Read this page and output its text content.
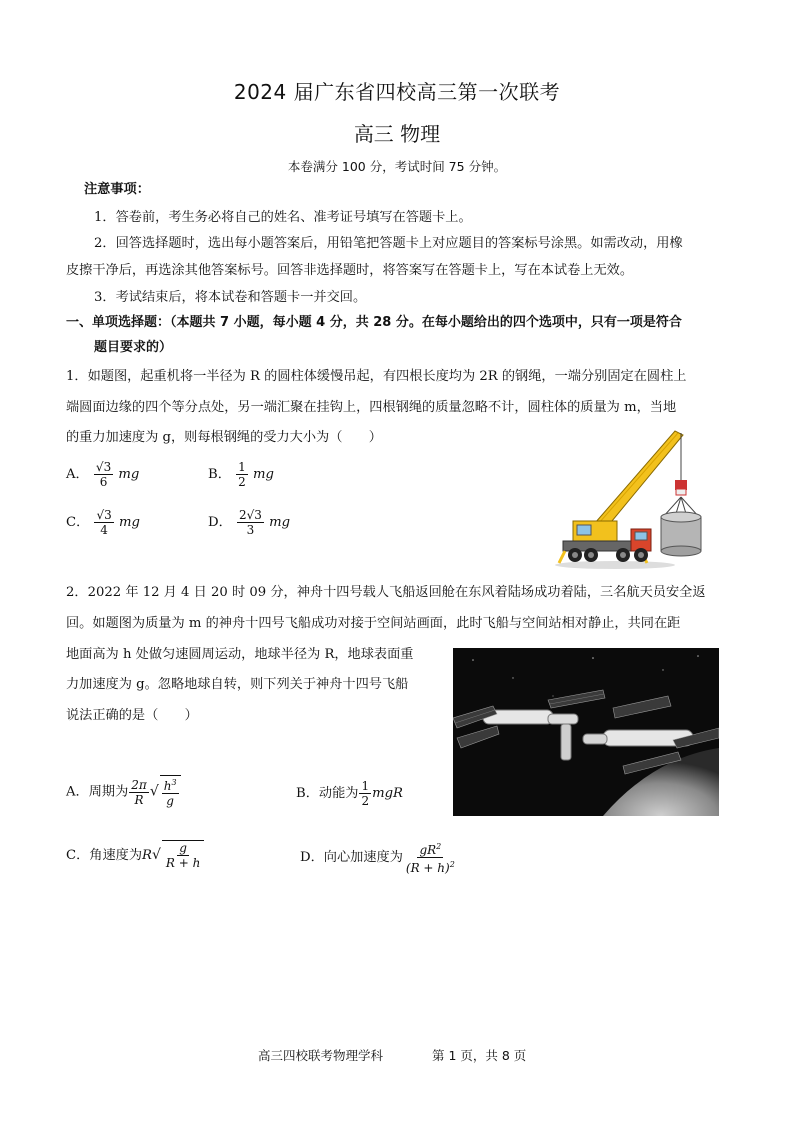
2024 届广东省四校高三第一次联考
高三 物理
本卷满分 100 分，考试时间 75 分钟。
注意事项：
1．答卷前，考生务必将自己的姓名、准考证号填写在答题卡上。
2．回答选择题时，选出每小题答案后，用铅笔把答题卡上对应题目的答案标号涂黑。如需改动，用橡
皮擦干净后，再选涂其他答案标号。回答非选择题时，将答案写在答题卡上，写在本试卷上无效。
3．考试结束后，将本试卷和答题卡一并交回。
一、单项选择题：（本题共 7 小题，每小题 4 分，共 28 分。在每小题给出的四个选项中，只有一项是符合
题目要求的）
1．如题图，起重机将一半径为 R 的圆柱体缓慢吊起，有四根长度均为 2R 的钢绳，一端分别固定在圆柱上
端圆面边缘的四个等分点处，另一端汇聚在挂钩上，四根钢绳的质量忽略不计，圆柱体的质量为 m，当地
的重力加速度为 g，则每根钢绳的受力大小为（　　）
A． $\frac{√3}{6}$ mg	B． $\frac{1}{2}$ mg
C． $\frac{√3}{4}$ mg	D． $\frac{2√3}{3}$ mg
2．2022 年 12 月 4 日 20 时 09 分，神舟十四号载人飞船返回舱在东风着陆场成功着陆，三名航天员安全返
回。如题图为质量为 m 的神舟十四号飞船成功对接于空间站画面，此时飞船与空间站相对静止，共同在距
地面高为 h 处做匀速圆周运动，地球半径为 R，地球表面重
力加速度为 g。忽略地球自转，则下列关于神舟十四号飞船
说法正确的是（　　）
A．周期为 $\frac{2\pi}{R}$ √ $\frac{h^3}{g}$	B．动能为 $\frac{1}{2}$ mgR
C．角速度为$R√ \frac{g}{R + h}$	D．向心加速度为 $\frac{gR^2}{(R + h)^2}$
高三四校联考物理学科	第 1 页，共 8 页
